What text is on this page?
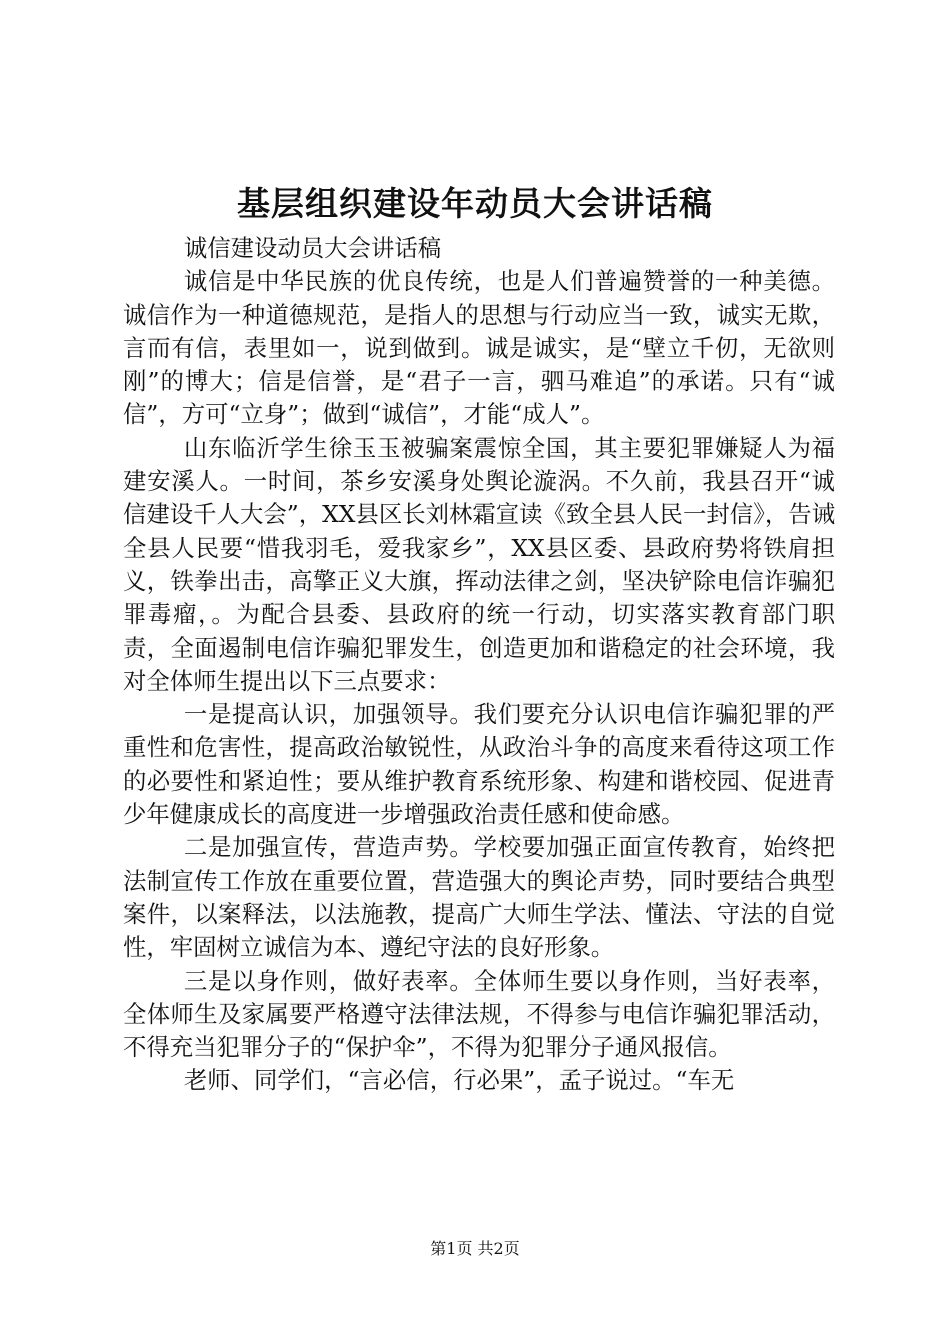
基层组织建设年动员大会讲话稿

诚信建设动员大会讲话稿

诚信是中华民族的优良传统，也是人们普遍赞誉的一种美德。诚信作为一种道德规范，是指人的思想与行动应当一致，诚实无欺，言而有信，表里如一，说到做到。诚是诚实，是“壁立千仞，无欲则刚”的博大；信是信誉，是“君子一言，驷马难追”的承诺。只有“诚信”，方可“立身”；做到“诚信”，才能“成人”。

山东临沂学生徐玉玉被骗案震惊全国，其主要犯罪嫌疑人为福建安溪人。一时间，茶乡安溪身处舆论漩涡。不久前，我县召开“诚信建设千人大会”，XX县区长刘林霜宣读《致全县人民一封信》，告诫全县人民要“惜我羽毛，爱我家乡”，XX县区委、县政府势将铁肩担义，铁拳出击，高擎正义大旗，挥动法律之剑，坚决铲除电信诈骗犯罪毒瘤，。为配合县委、县政府的统一行动，切实落实教育部门职责，全面遏制电信诈骗犯罪发生，创造更加和谐稳定的社会环境，我对全体师生提出以下三点要求：

一是提高认识，加强领导。我们要充分认识电信诈骗犯罪的严重性和危害性，提高政治敏锐性，从政治斗争的高度来看待这项工作的必要性和紧迫性；要从维护教育系统形象、构建和谐校园、促进青少年健康成长的高度进一步增强政治责任感和使命感。

二是加强宣传，营造声势。学校要加强正面宣传教育，始终把法制宣传工作放在重要位置，营造强大的舆论声势，同时要结合典型案件，以案释法，以法施教，提高广大师生学法、懂法、守法的自觉性，牢固树立诚信为本、遵纪守法的良好形象。

三是以身作则，做好表率。全体师生要以身作则，当好表率，全体师生及家属要严格遵守法律法规，不得参与电信诈骗犯罪活动，不得充当犯罪分子的“保护伞”，不得为犯罪分子通风报信。

老师、同学们，“言必信，行必果”，孟子说过。“车无

第1页 共2页
